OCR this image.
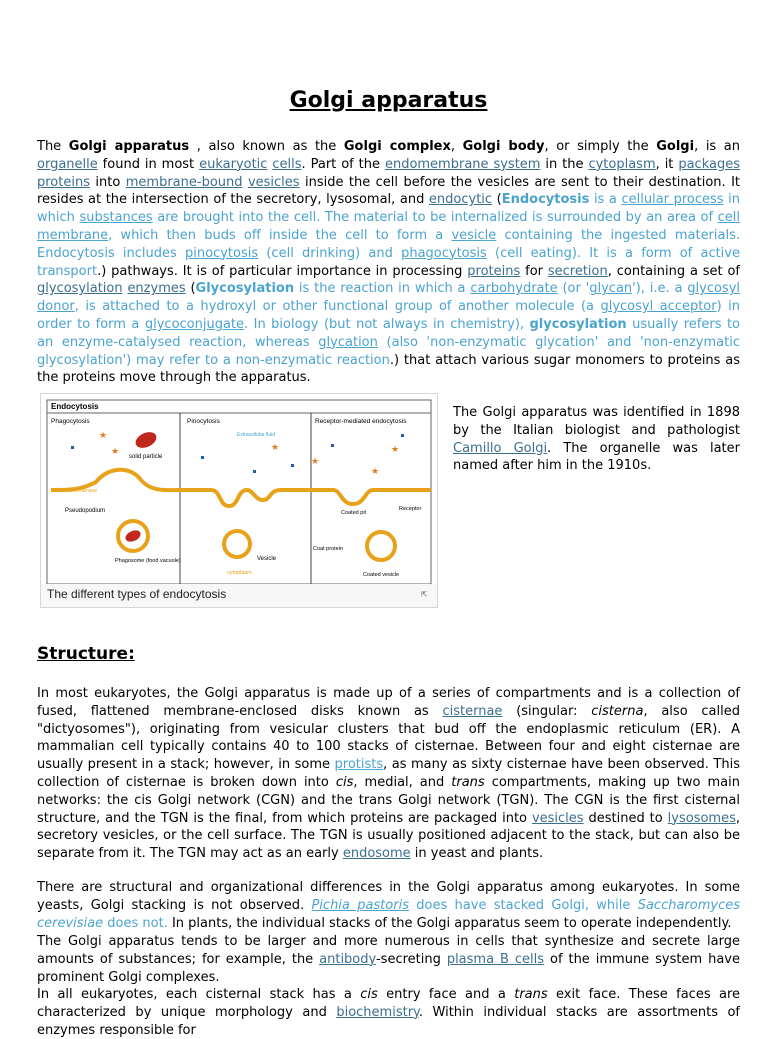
Golgi apparatus

The Golgi apparatus , also known as the Golgi complex, Golgi body, or simply the Golgi, is an organelle found in most eukaryotic cells. Part of the endomembrane system in the cytoplasm, it packages proteins into membrane-bound vesicles inside the cell before the vesicles are sent to their destination. It resides at the intersection of the secretory, lysosomal, and endocytic (Endocytosis is a cellular process in which substances are brought into the cell. The material to be internalized is surrounded by an area of cell membrane, which then buds off inside the cell to form a vesicle containing the ingested materials. Endocytosis includes pinocytosis (cell drinking) and phagocytosis (cell eating). It is a form of active transport.) pathways. It is of particular importance in processing proteins for secretion, containing a set of glycosylation enzymes (Glycosylation is the reaction in which a carbohydrate (or 'glycan'), i.e. a glycosyl donor, is attached to a hydroxyl or other functional group of another molecule (a glycosyl acceptor) in order to form a glycoconjugate. In biology (but not always in chemistry), glycosylation usually refers to an enzyme-catalysed reaction, whereas glycation (also 'non-enzymatic glycation' and 'non-enzymatic glycosylation') may refer to a non-enzymatic reaction.) that attach various sugar monomers to proteins as the proteins move through the apparatus.

Endocytosis
Phagocytosis	Pinocytosis	Receptor-mediated endocytosis
solid particle
Plasma membrane
Pseudopodium
Phagosome (food vacuole)
Extracellular fluid
Vesicle
cytoplasm
Coated pit
Receptor
Coat protein
Coated vesicle
★
★	★
★
★
★
The different types of endocytosis	⇱

The Golgi apparatus was identified in 1898 by the Italian biologist and pathologist Camillo Golgi. The organelle was later named after him in the 1910s.

Structure:

In most eukaryotes, the Golgi apparatus is made up of a series of compartments and is a collection of fused, flattened membrane-enclosed disks known as cisternae (singular: cisterna, also called "dictyosomes"), originating from vesicular clusters that bud off the endoplasmic reticulum (ER). A mammalian cell typically contains 40 to 100 stacks of cisternae. Between four and eight cisternae are usually present in a stack; however, in some protists, as many as sixty cisternae have been observed. This collection of cisternae is broken down into cis, medial, and trans compartments, making up two main networks: the cis Golgi network (CGN) and the trans Golgi network (TGN). The CGN is the first cisternal structure, and the TGN is the final, from which proteins are packaged into vesicles destined to lysosomes, secretory vesicles, or the cell surface. The TGN is usually positioned adjacent to the stack, but can also be separate from it. The TGN may act as an early endosome in yeast and plants.

There are structural and organizational differences in the Golgi apparatus among eukaryotes. In some yeasts, Golgi stacking is not observed. Pichia pastoris does have stacked Golgi, while Saccharomyces cerevisiae does not. In plants, the individual stacks of the Golgi apparatus seem to operate independently.

The Golgi apparatus tends to be larger and more numerous in cells that synthesize and secrete large amounts of substances; for example, the antibody-secreting plasma B cells of the immune system have prominent Golgi complexes.

In all eukaryotes, each cisternal stack has a cis entry face and a trans exit face. These faces are characterized by unique morphology and biochemistry. Within individual stacks are assortments of enzymes responsible for
